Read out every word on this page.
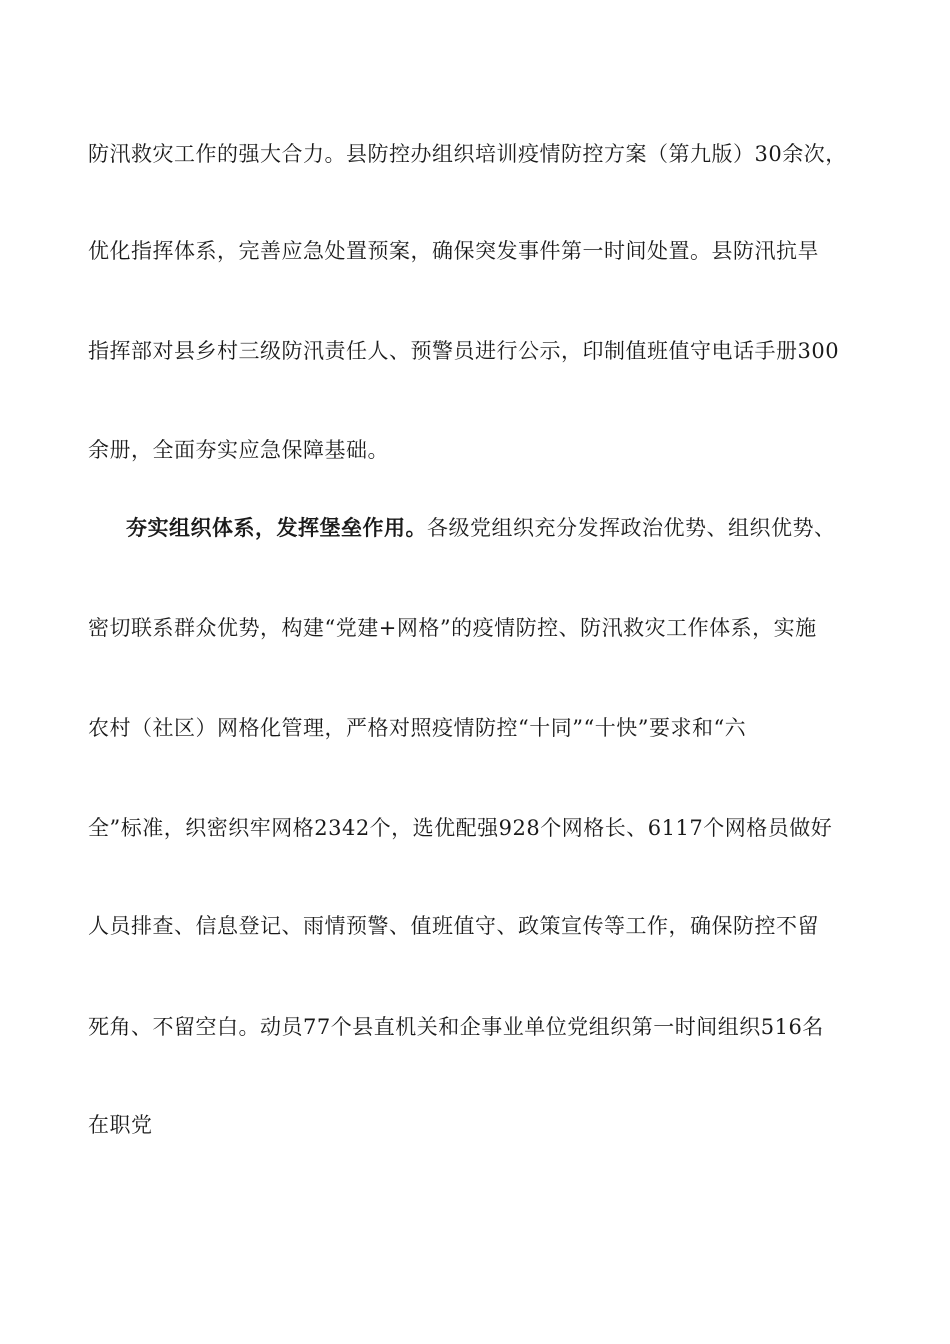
防汛救灾工作的强大合力。县防控办组织培训疫情防控方案（第九版）30余次，
优化指挥体系，完善应急处置预案，确保突发事件第一时间处置。县防汛抗旱
指挥部对县乡村三级防汛责任人、预警员进行公示，印制值班值守电话手册300
余册，全面夯实应急保障基础。
夯实组织体系，发挥堡垒作用。各级党组织充分发挥政治优势、组织优势、
密切联系群众优势，构建“党建+网格”的疫情防控、防汛救灾工作体系，实施
农村（社区）网格化管理，严格对照疫情防控“十同”“十快”要求和“六
全”标准，织密织牢网格2342个，选优配强928个网格长、6117个网格员做好
人员排查、信息登记、雨情预警、值班值守、政策宣传等工作，确保防控不留
死角、不留空白。动员77个县直机关和企事业单位党组织第一时间组织516名
在职党
